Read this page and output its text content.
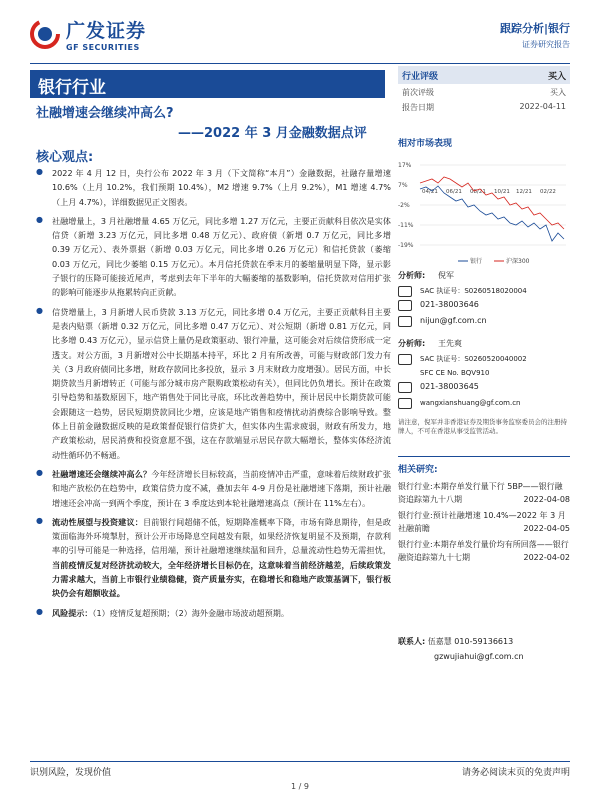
广发证券
GF SECURITIES
跟踪分析|银行
证券研究报告
银行行业
社融增速会继续冲高么?
——2022 年 3 月金融数据点评
核心观点:
●	2022 年 4 月 12 日，央行公布 2022 年 3 月（下文简称“本月”）金融数据，社融存量增速 10.6%（上月 10.2%，我们预期 10.4%），M2 增速 9.7%（上月 9.2%），M1 增速 4.7%（上月 4.7%），详细数据见正文图表。
●	社融增量上，3 月社融增量 4.65 万亿元，同比多增 1.27 万亿元，主要正贡献科目依次是实体信贷（新增 3.23 万亿元，同比多增 0.48 万亿元）、政府债（新增 0.7 万亿元，同比多增 0.39 万亿元）、表外票据（新增 0.03 万亿元，同比多增 0.26 万亿元）和信托贷款（萎缩 0.03 万亿元，同比少萎缩 0.15 万亿元）。本月信托贷款在季末月的萎缩量明显下降，显示影子银行的压降可能接近尾声，考虑到去年下半年的大幅萎缩的基数影响，信托贷款对信用扩张的影响可能逐步从拖累转向正贡献。
●	信贷增量上，3 月新增人民币贷款 3.13 万亿元，同比多增 0.4 万亿元，主要正贡献科目主要是表内贴票（新增 0.32 万亿元，同比多增 0.47 万亿元）、对公短期（新增 0.81 万亿元，同比多增 0.43 万亿元），显示信贷上量仍是政策驱动、银行冲量，这可能会对后续信贷形成一定透支。对公方面，3 月新增对公中长期基本持平，环比 2 月有所改善，可能与财政部门发力有关（3 月政府债同比多增，财政存款同比多投放，显示 3 月末财政力度增强）。居民方面，中长期贷款当月新增转正（可能与部分城市房产限购政策松动有关），但同比仍负增长。预计在政策引导趋势和基数原因下，地产销售处于同比寻底，环比改善趋势中，预计居民中长期贷款可能会跟随这一趋势，居民短期贷款同比少增，应该是地产销售和疫情扰动消费综合影响导致。整体上目前金融数据反映的是政策督促银行信贷扩大，但实体内生需求疲弱，财政有所发力，地产政策松动，居民消费和投资意愿不强，这在存款端显示居民存款大幅增长，整体实体经济流动性循环仍不畅通。
●	社融增速还会继续冲高么？今年经济增长目标较高，当前疫情冲击严重，意味着后续财政扩张和地产放松仍在趋势中，政策信贷力度不减，叠加去年 4-9 月份是社融增速下落期，预计社融增速还会冲高一到两个季度，预计在 3 季度达到本轮社融增速高点（预计在 11%左右）。
●	流动性展望与投资建议：目前银行间超储不低，短期降准概率下降，市场有降息期待，但是政策面临海外环境掣肘，预计公开市场降息空间越发有限，如果经济恢复明显不及预期，存款利率的引导可能是一种选择，信用端，预计社融增速继续温和回升，总量流动性趋势无需担忧，当前疫情反复对经济扰动较大，全年经济增长目标仍在，这意味着当前经济越差，后续政策发力需求越大，当前上市银行业绩稳健，资产质量夯实，在稳增长和稳地产政策基调下，银行板块仍会有超额收益。
●	风险提示：（1）疫情反复超预期；（2）海外金融市场波动超预期。
行业评级	买入
前次评级	买入
报告日期	2022-04-11
相对市场表现
17%
7%
-2%
-11%
-19%
04/21 06/21 08/21 10/21 12/21 02/22
银行	沪深300
分析师: 倪军
SAC 执证号：S0260518020004
021-38003646
nijun@gf.com.cn
分析师: 王先爽
SAC 执证号：S0260520040002
SFC CE No. BQV910
021-38003645
wangxianshuang@gf.com.cn
请注意，倪军并非香港证券及期货事务监察委员会的注册持牌人，不可在香港从事受监管活动。
相关研究:
银行行业:本期存单发行量下行 5BP——银行融资追踪第九十八期	2022-04-08
银行行业:预计社融增速 10.4%—2022 年 3 月社融前瞻	2022-04-05
银行行业:本期存单发行量价均有所回落——银行融资追踪第九十七期	2022-04-02
联系人: 伍嘉慧 010-59136613
gzwujiahui@gf.com.cn
识别风险，发现价值	请务必阅读末页的免责声明
1 / 9
